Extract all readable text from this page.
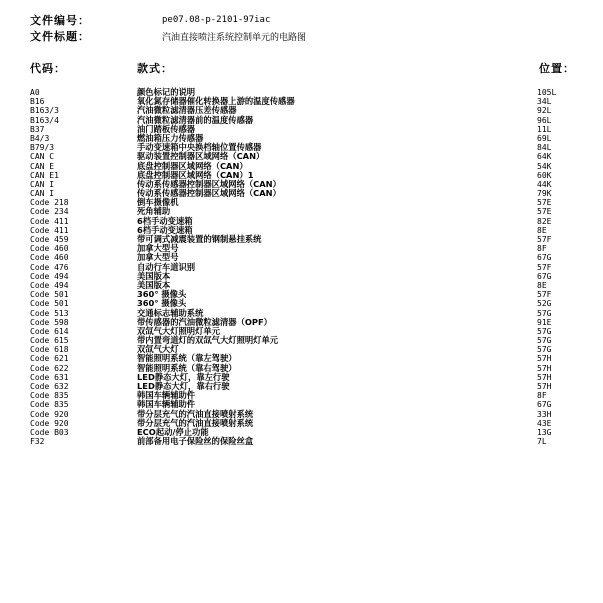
文件编号：	pe07.08-p-2101-97iac
文件标题：	汽油直接喷注系统控制单元的电路图
代码：	款式：	位置：
A0	颜色标记的说明	105L
B16	氧化氮存储器催化转换器上游的温度传感器	34L
B163/3	汽油微粒滤清器压差传感器	92L
B163/4	汽油微粒滤清器前的温度传感器	96L
B37	油门踏板传感器	11L
B4/3	燃油箱压力传感器	69L
B79/3	手动变速箱中央换档轴位置传感器	84L
CAN C	驱动装置控制器区域网络（CAN）	64K
CAN E	底盘控制器区域网络（CAN）	54K
CAN E1	底盘控制器区域网络（CAN）1	60K
CAN I	传动系传感器控制器区域网络（CAN）	44K
CAN I	传动系传感器控制器区域网络（CAN）	79K
Code 218	倒车摄像机	57E
Code 234	死角辅助	57E
Code 411	6档手动变速箱	82E
Code 411	6档手动变速箱	8E
Code 459	带可调式减震装置的钢制悬挂系统	57F
Code 460	加拿大型号	8F
Code 460	加拿大型号	67G
Code 476	自动行车道识别	57F
Code 494	美国版本	67G
Code 494	美国版本	8E
Code 501	360° 摄像头	57F
Code 501	360° 摄像头	52G
Code 513	交通标志辅助系统	57G
Code 598	带传感器的汽油微粒滤清器（OPF）	91E
Code 614	双氙气大灯照明灯单元	57G
Code 615	带内置弯道灯的双氙气大灯照明灯单元	57G
Code 618	双氙气大灯	57G
Code 621	智能照明系统（靠左驾驶）	57H
Code 622	智能照明系统（靠右驾驶）	57H
Code 631	LED静态大灯，靠左行驶	57H
Code 632	LED静态大灯，靠右行驶	57H
Code 835	韩国车辆辅助件	8F
Code 835	韩国车辆辅助件	67G
Code 920	带分层充气的汽油直接喷射系统	33H
Code 920	带分层充气的汽油直接喷射系统	43E
Code B03	ECO起动/停止功能	13G
F32	前部备用电子保险丝的保险丝盒	7L
